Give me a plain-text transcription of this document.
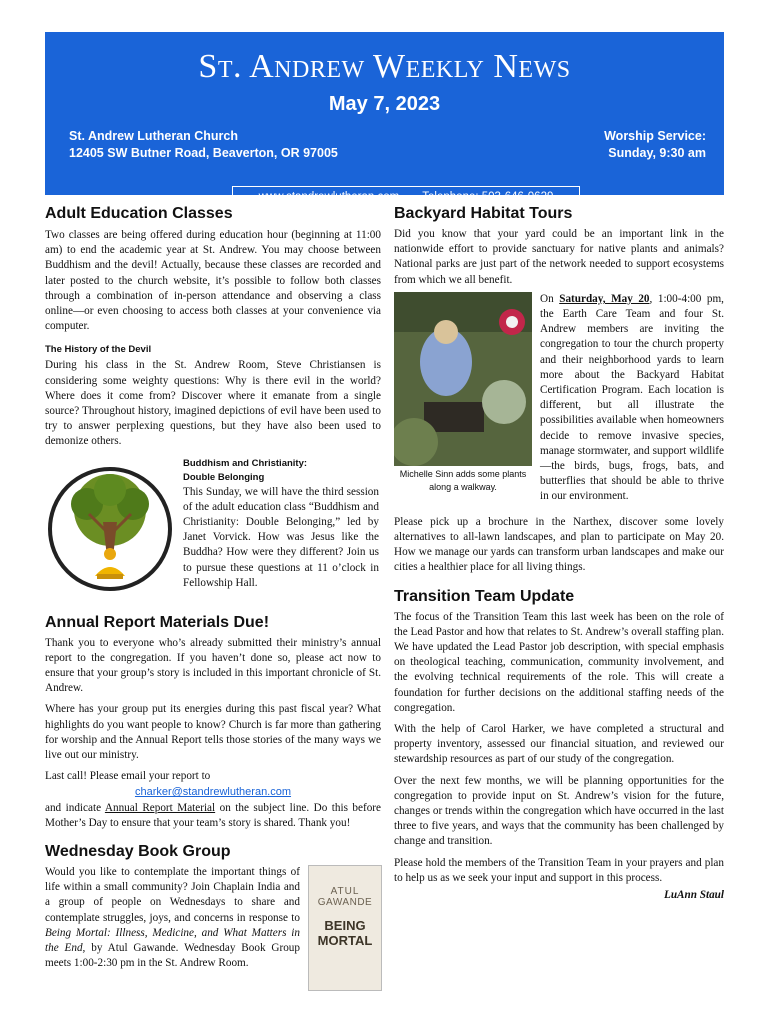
St. Andrew Weekly News
May 7, 2023
St. Andrew Lutheran Church
12405 SW Butner Road, Beaverton, OR 97005
Worship Service:
Sunday, 9:30 am
www.standrewlutheran.com ■ Telephone: 503-646-0629
Adult Education Classes

Two classes are being offered during education hour (beginning at 11:00 am) to end the academic year at St. Andrew. You may choose between Buddhism and the devil! Actually, because these classes are recorded and later posted to the church website, it’s possible to follow both classes through a combination of in-person attendance and observing a class online—or even choosing to access both classes at your convenience via computer.

The History of the Devil

During his class in the St. Andrew Room, Steve Christiansen is considering some weighty questions: Why is there evil in the world? Where does it come from? Discover where it emanate from a single source? Throughout history, imagined depictions of evil have been used to try to answer perplexing questions, but they have also been used to demonize others.

Buddhism and Christianity:

Double Belonging

This Sunday, we will have the third session of the adult education class “Buddhism and Christianity: Double Belonging,” led by Janet Vorvick. How was Jesus like the Buddha? How were they different? Join us to pursue these questions at 11 o’clock in Fellowship Hall.

Annual Report Materials Due!

Thank you to everyone who’s already submitted their ministry’s annual report to the congregation. If you haven’t done so, please act now to ensure that your group’s story is included in this important chronicle of St. Andrew.

Where has your group put its energies during this past fiscal year? What highlights do you want people to know? Church is far more than gathering for worship and the Annual Report tells those stories of the many ways we live out our ministry.

Last call! Please email your report to

charker@standrewlutheran.com

and indicate Annual Report Material on the subject line. Do this before Mother’s Day to ensure that your team’s story is shared. Thank you!

Wednesday Book Group
ATUL
GAWANDE
BEING
MORTAL

Would you like to contemplate the important things of life within a small community? Join Chaplain India and a group of people on Wednesdays to share and contemplate struggles, joys, and concerns in response to Being Mortal: Illness, Medicine, and What Matters in the End, by Atul Gawande. Wednesday Book Group meets 1:00-2:30 pm in the St. Andrew Room.

Backyard Habitat Tours

Did you know that your yard could be an important link in the nationwide effort to provide sanctuary for native plants and animals? National parks are just part of the network needed to support ecosystems from which we all benefit.

Michelle Sinn adds some plants along a walkway.

On Saturday, May 20, 1:00-4:00 pm, the Earth Care Team and four St. Andrew members are inviting the congregation to tour the church property and their neighborhood yards to learn more about the Backyard Habitat Certification Program. Each location is different, but all illustrate the possibilities available when homeowners decide to remove invasive species, manage stormwater, and support wildlife—the birds, bugs, frogs, bats, and butterflies that should be able to thrive in our environment.

Please pick up a brochure in the Narthex, discover some lovely alternatives to all-lawn landscapes, and plan to participate on May 20. How we manage our yards can transform urban landscapes and make our cities a healthier place for all living things.

Transition Team Update

The focus of the Transition Team this last week has been on the role of the Lead Pastor and how that relates to St. Andrew’s overall staffing plan. We have updated the Lead Pastor job description, with special emphasis on theological teaching, communication, community involvement, and the evolving technical requirements of the role. This will create a foundation for further decisions on the additional staffing needs of the congregation.

With the help of Carol Harker, we have completed a structural and property inventory, assessed our financial situation, and reviewed our stewardship resources as part of our study of the congregation.

Over the next few months, we will be planning opportunities for the congregation to provide input on St. Andrew’s vision for the future, changes or trends within the congregation which have occurred in the last three to five years, and ways that the community has been challenged by change and transition.

Please hold the members of the Transition Team in your prayers and plan to help us as we seek your input and support in this process.

LuAnn Staul
